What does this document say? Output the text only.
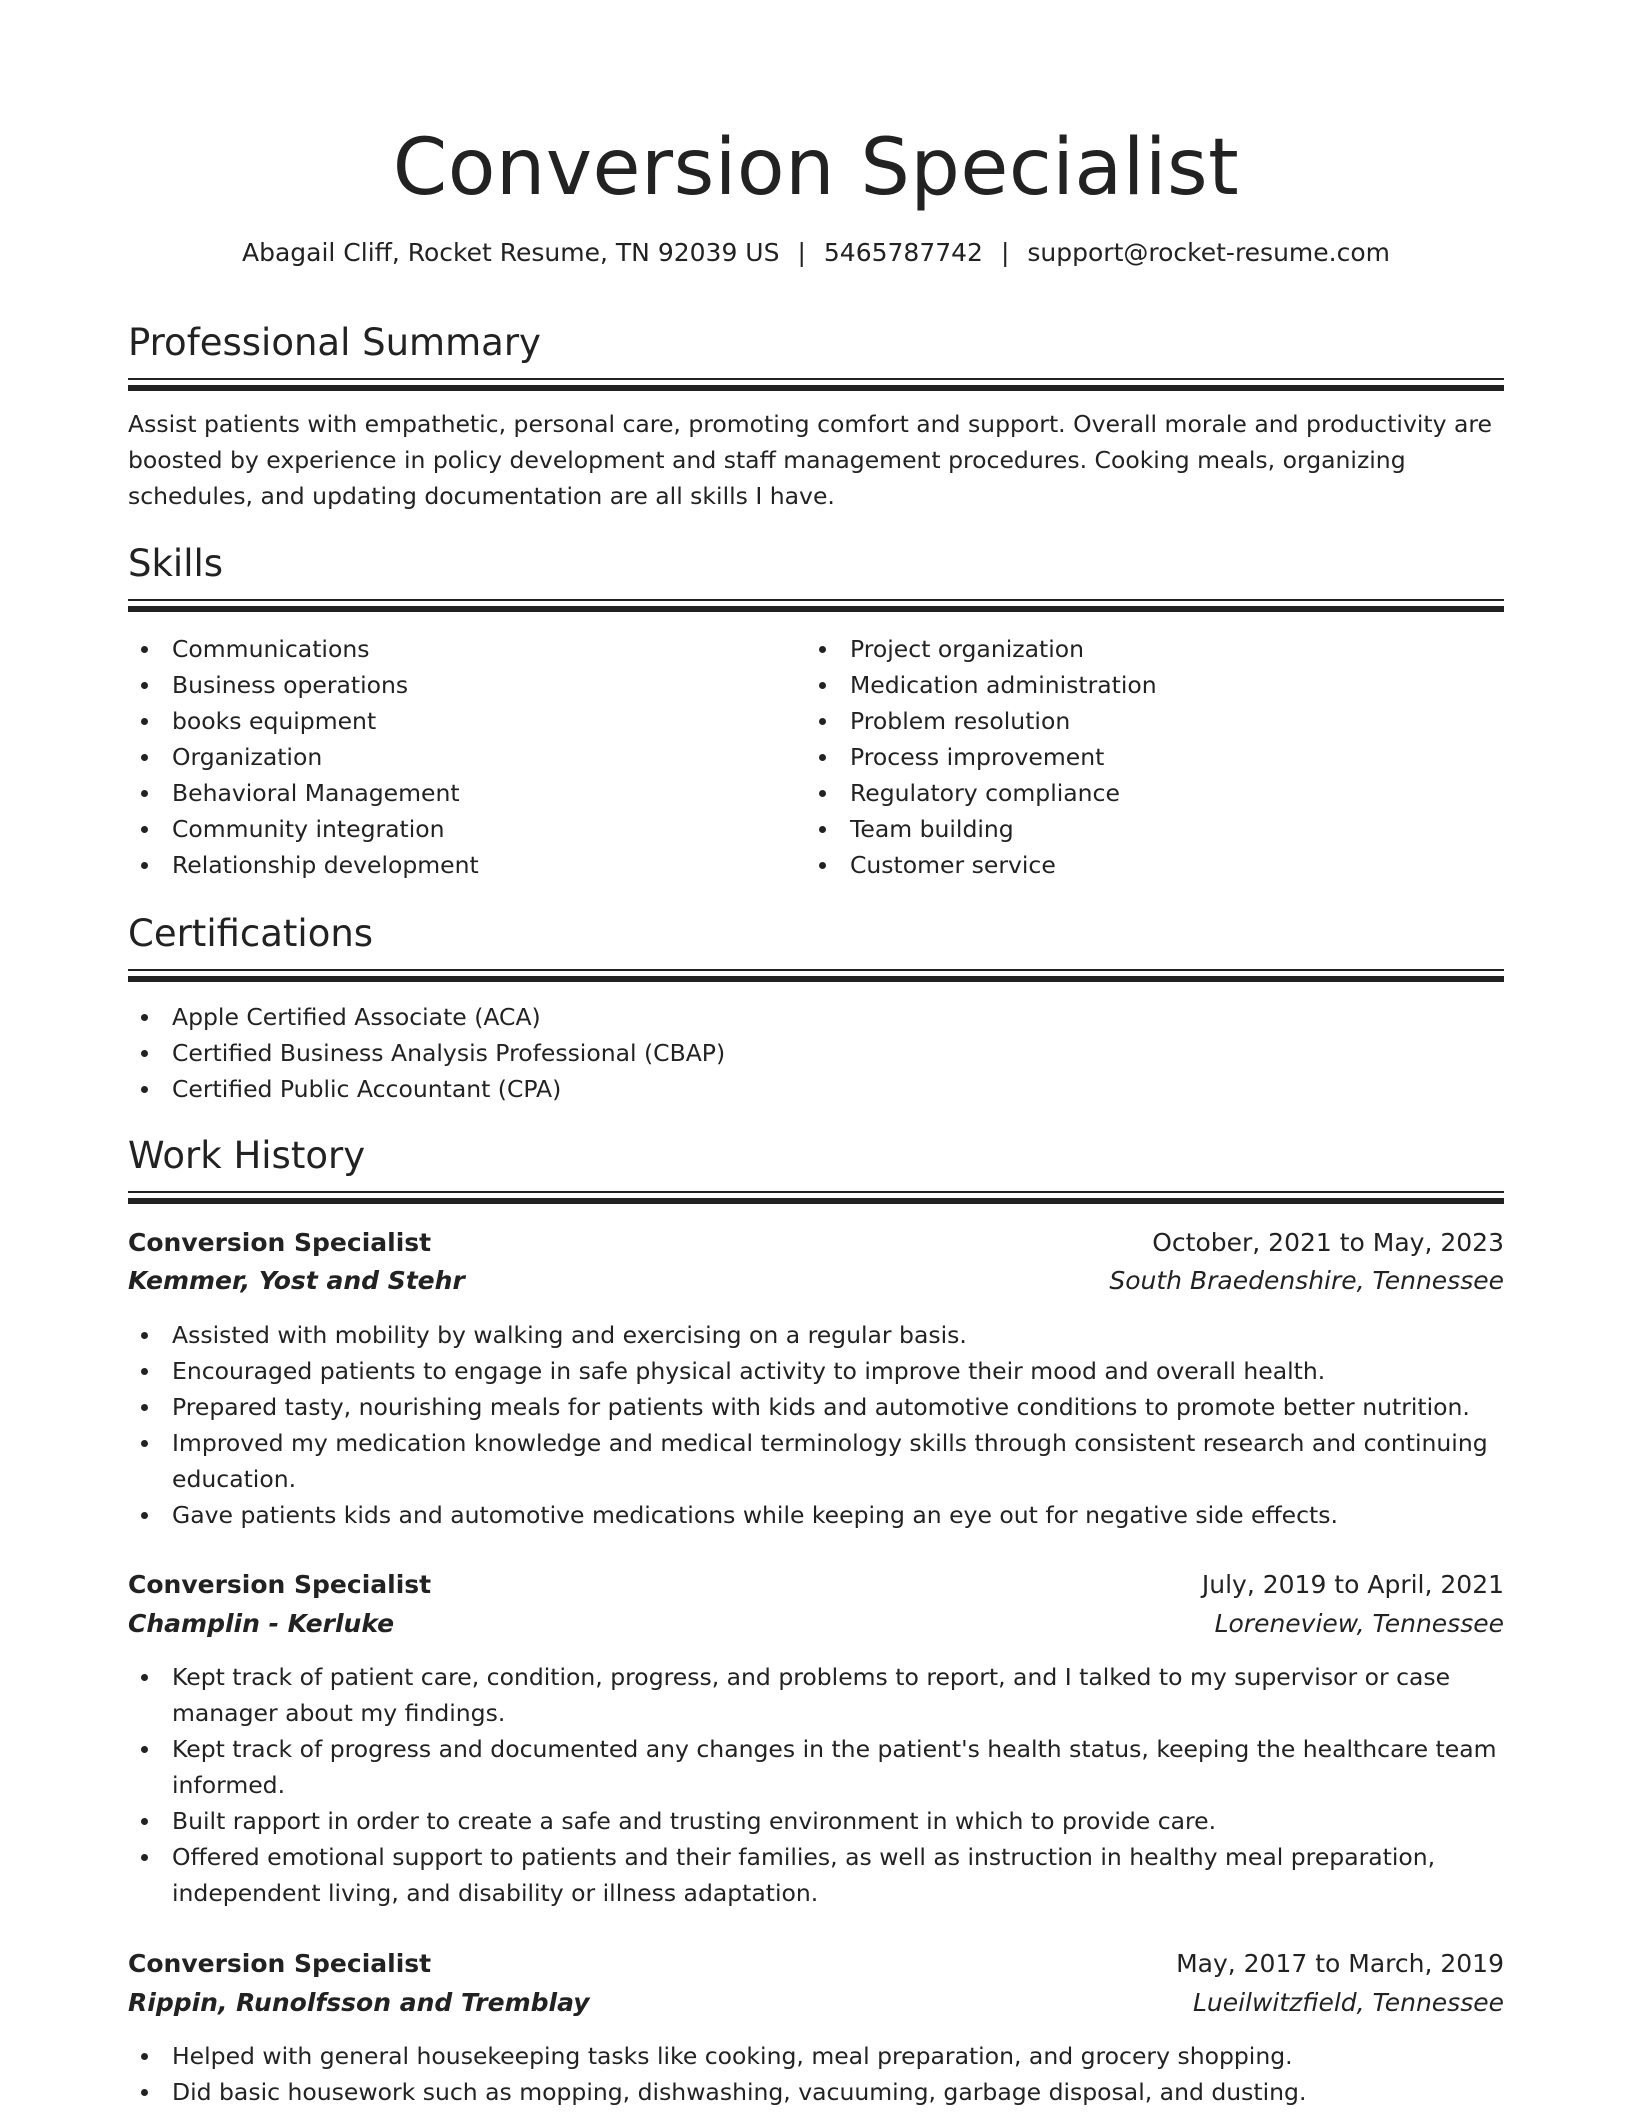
Conversion Specialist
Abagail Cliff, Rocket Resume, TN 92039 US | 5465787742 | support@rocket-resume.com
Professional Summary
Assist patients with empathetic, personal care, promoting comfort and support. Overall morale and productivity are boosted by experience in policy development and staff management procedures. Cooking meals, organizing schedules, and updating documentation are all skills I have.
Skills
Communications
Business operations
books equipment
Organization
Behavioral Management
Community integration
Relationship development
Project organization
Medication administration
Problem resolution
Process improvement
Regulatory compliance
Team building
Customer service
Certifications
Apple Certified Associate (ACA)
Certified Business Analysis Professional (CBAP)
Certified Public Accountant (CPA)
Work History
Conversion Specialist	October, 2021 to May, 2023
Kemmer, Yost and Stehr	South Braedenshire, Tennessee
Assisted with mobility by walking and exercising on a regular basis.
Encouraged patients to engage in safe physical activity to improve their mood and overall health.
Prepared tasty, nourishing meals for patients with kids and automotive conditions to promote better nutrition.
Improved my medication knowledge and medical terminology skills through consistent research and continuing education.
Gave patients kids and automotive medications while keeping an eye out for negative side effects.
Conversion Specialist	July, 2019 to April, 2021
Champlin - Kerluke	Loreneview, Tennessee
Kept track of patient care, condition, progress, and problems to report, and I talked to my supervisor or case manager about my findings.
Kept track of progress and documented any changes in the patient's health status, keeping the healthcare team informed.
Built rapport in order to create a safe and trusting environment in which to provide care.
Offered emotional support to patients and their families, as well as instruction in healthy meal preparation, independent living, and disability or illness adaptation.
Conversion Specialist	May, 2017 to March, 2019
Rippin, Runolfsson and Tremblay	Lueilwitzfield, Tennessee
Helped with general housekeeping tasks like cooking, meal preparation, and grocery shopping.
Did basic housework such as mopping, dishwashing, vacuuming, garbage disposal, and dusting.
